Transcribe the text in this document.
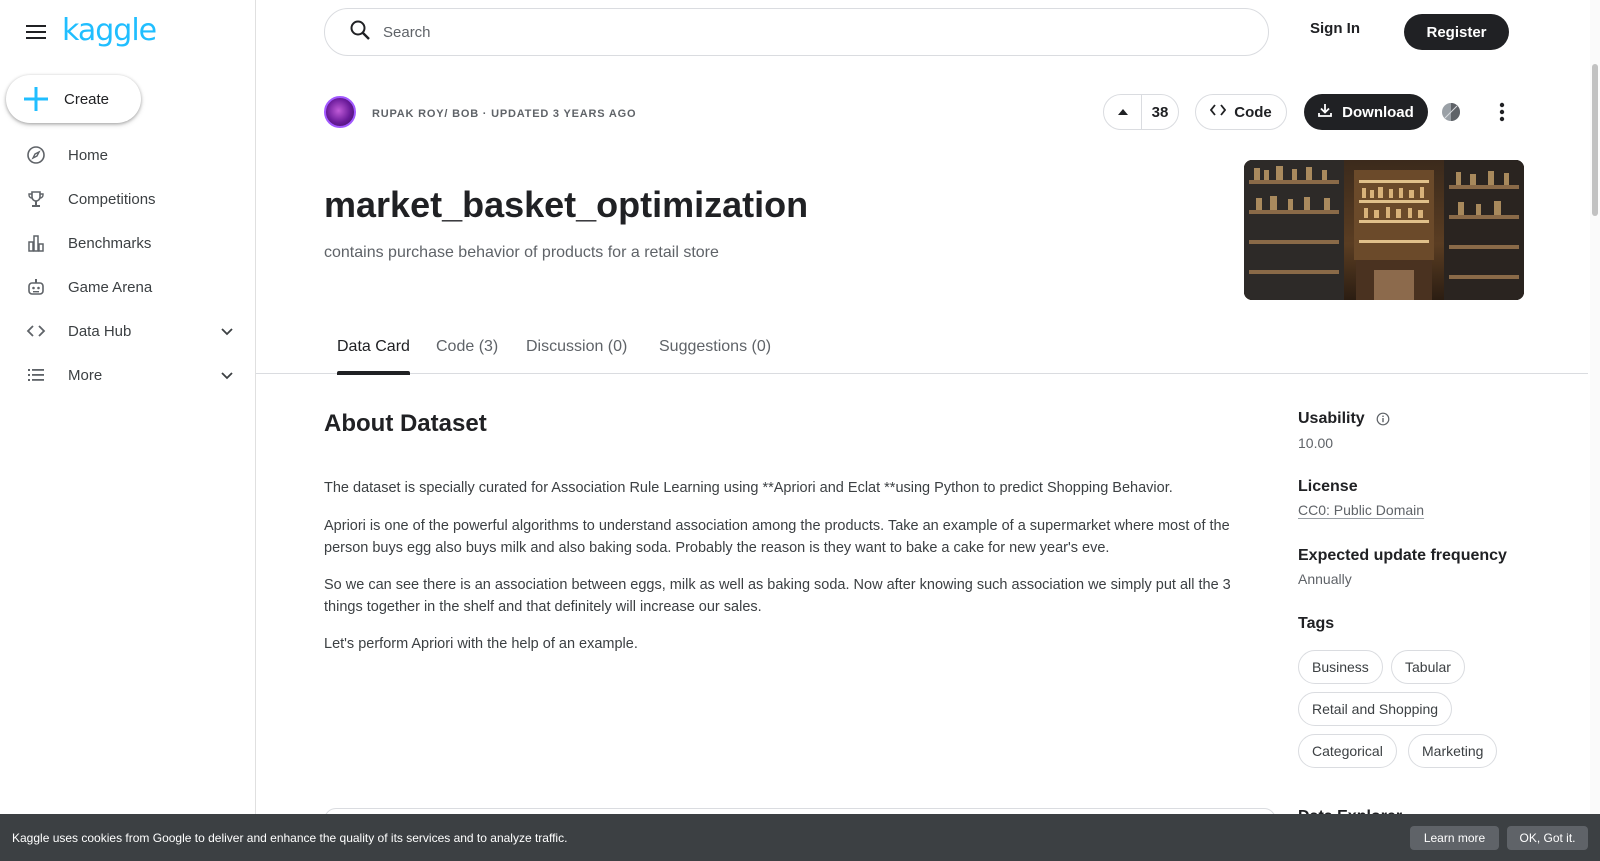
kaggle
Create
Home
Competitions
Benchmarks
Game Arena
Data Hub
More
Search	Sign In	Register
RUPAK ROY/ BOB · UPDATED 3 YEARS AGO	38	Code	Download
market_basket_optimization
contains purchase behavior of products for a retail store
Data Card Code (3) Discussion (0) Suggestions (0)
About Dataset

The dataset is specially curated for Association Rule Learning using **Apriori and Eclat **using Python to predict Shopping Behavior.

Apriori is one of the powerful algorithms to understand association among the products. Take an example of a supermarket where most of the person buys egg also buys milk and also baking soda. Probably the reason is they want to bake a cake for new year's eve.

So we can see there is an association between eggs, milk as well as baking soda. Now after knowing such association we simply put all the 3 things together in the shelf and that definitely will increase our sales.

Let's perform Apriori with the help of an example.

Usability
10.00
License
CC0: Public Domain
Expected update frequency
Annually
Tags
Business	Tabular
Retail and Shopping
Categorical	Marketing
Kaggle uses cookies from Google to deliver and enhance the quality of its services and to analyze traffic.	Learn more	OK, Got it.
